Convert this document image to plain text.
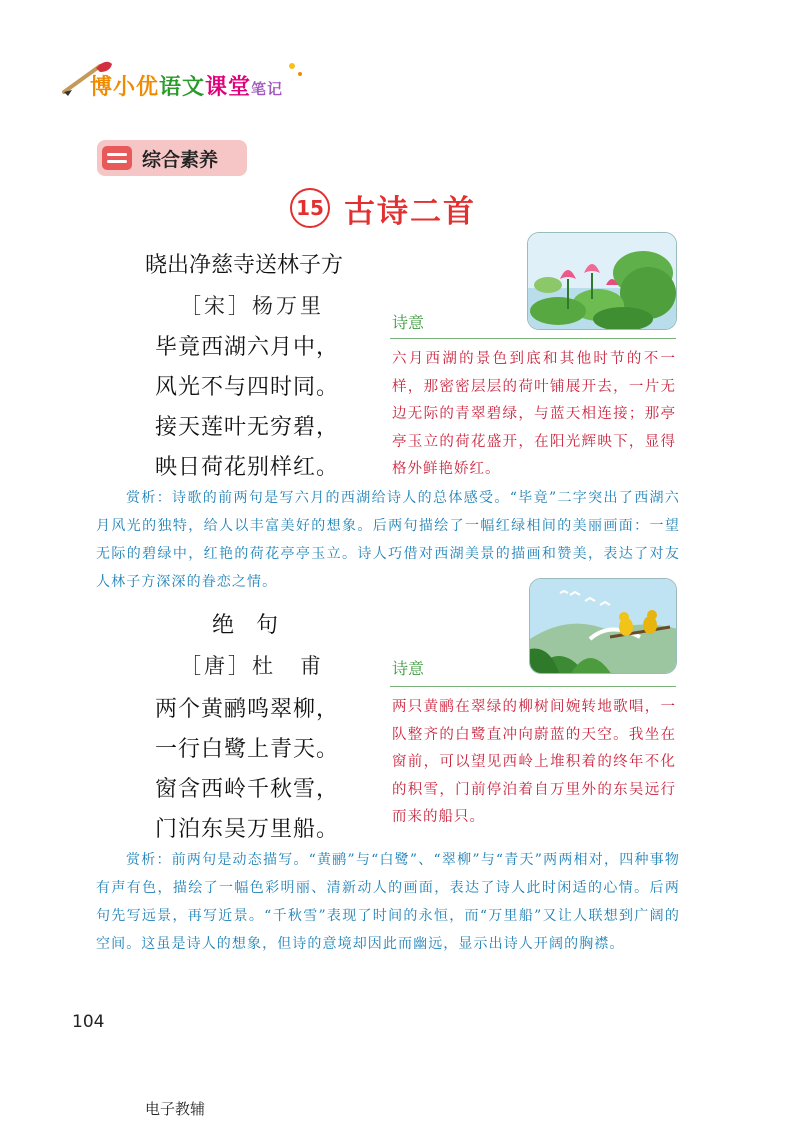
博小优语文课堂笔记
综合素养
15 古诗二首
晓出净慈寺送林子方
［宋］杨万里
毕竟西湖六月中，
风光不与四时同。
接天莲叶无穷碧，
映日荷花别样红。
诗意
六月西湖的景色到底和其他时节的不一样，那密密层层的荷叶铺展开去，一片无边无际的青翠碧绿，与蓝天相连接；那亭亭玉立的荷花盛开，在阳光辉映下，显得格外鲜艳娇红。
赏析：诗歌的前两句是写六月的西湖给诗人的总体感受。“毕竟”二字突出了西湖六月风光的独特，给人以丰富美好的想象。后两句描绘了一幅红绿相间的美丽画面：一望无际的碧绿中，红艳的荷花亭亭玉立。诗人巧借对西湖美景的描画和赞美，表达了对友人林子方深深的眷恋之情。
绝　句
［唐］杜　甫
两个黄鹂鸣翠柳，
一行白鹭上青天。
窗含西岭千秋雪，
门泊东吴万里船。
诗意
两只黄鹂在翠绿的柳树间婉转地歌唱，一队整齐的白鹭直冲向蔚蓝的天空。我坐在窗前，可以望见西岭上堆积着的终年不化的积雪，门前停泊着自万里外的东吴远行而来的船只。
赏析：前两句是动态描写。“黄鹂”与“白鹭”、“翠柳”与“青天”两两相对，四种事物有声有色，描绘了一幅色彩明丽、清新动人的画面，表达了诗人此时闲适的心情。后两句先写远景，再写近景。“千秋雪”表现了时间的永恒，而“万里船”又让人联想到广阔的空间。这虽是诗人的想象，但诗的意境却因此而幽远，显示出诗人开阔的胸襟。
104
电子教辅
